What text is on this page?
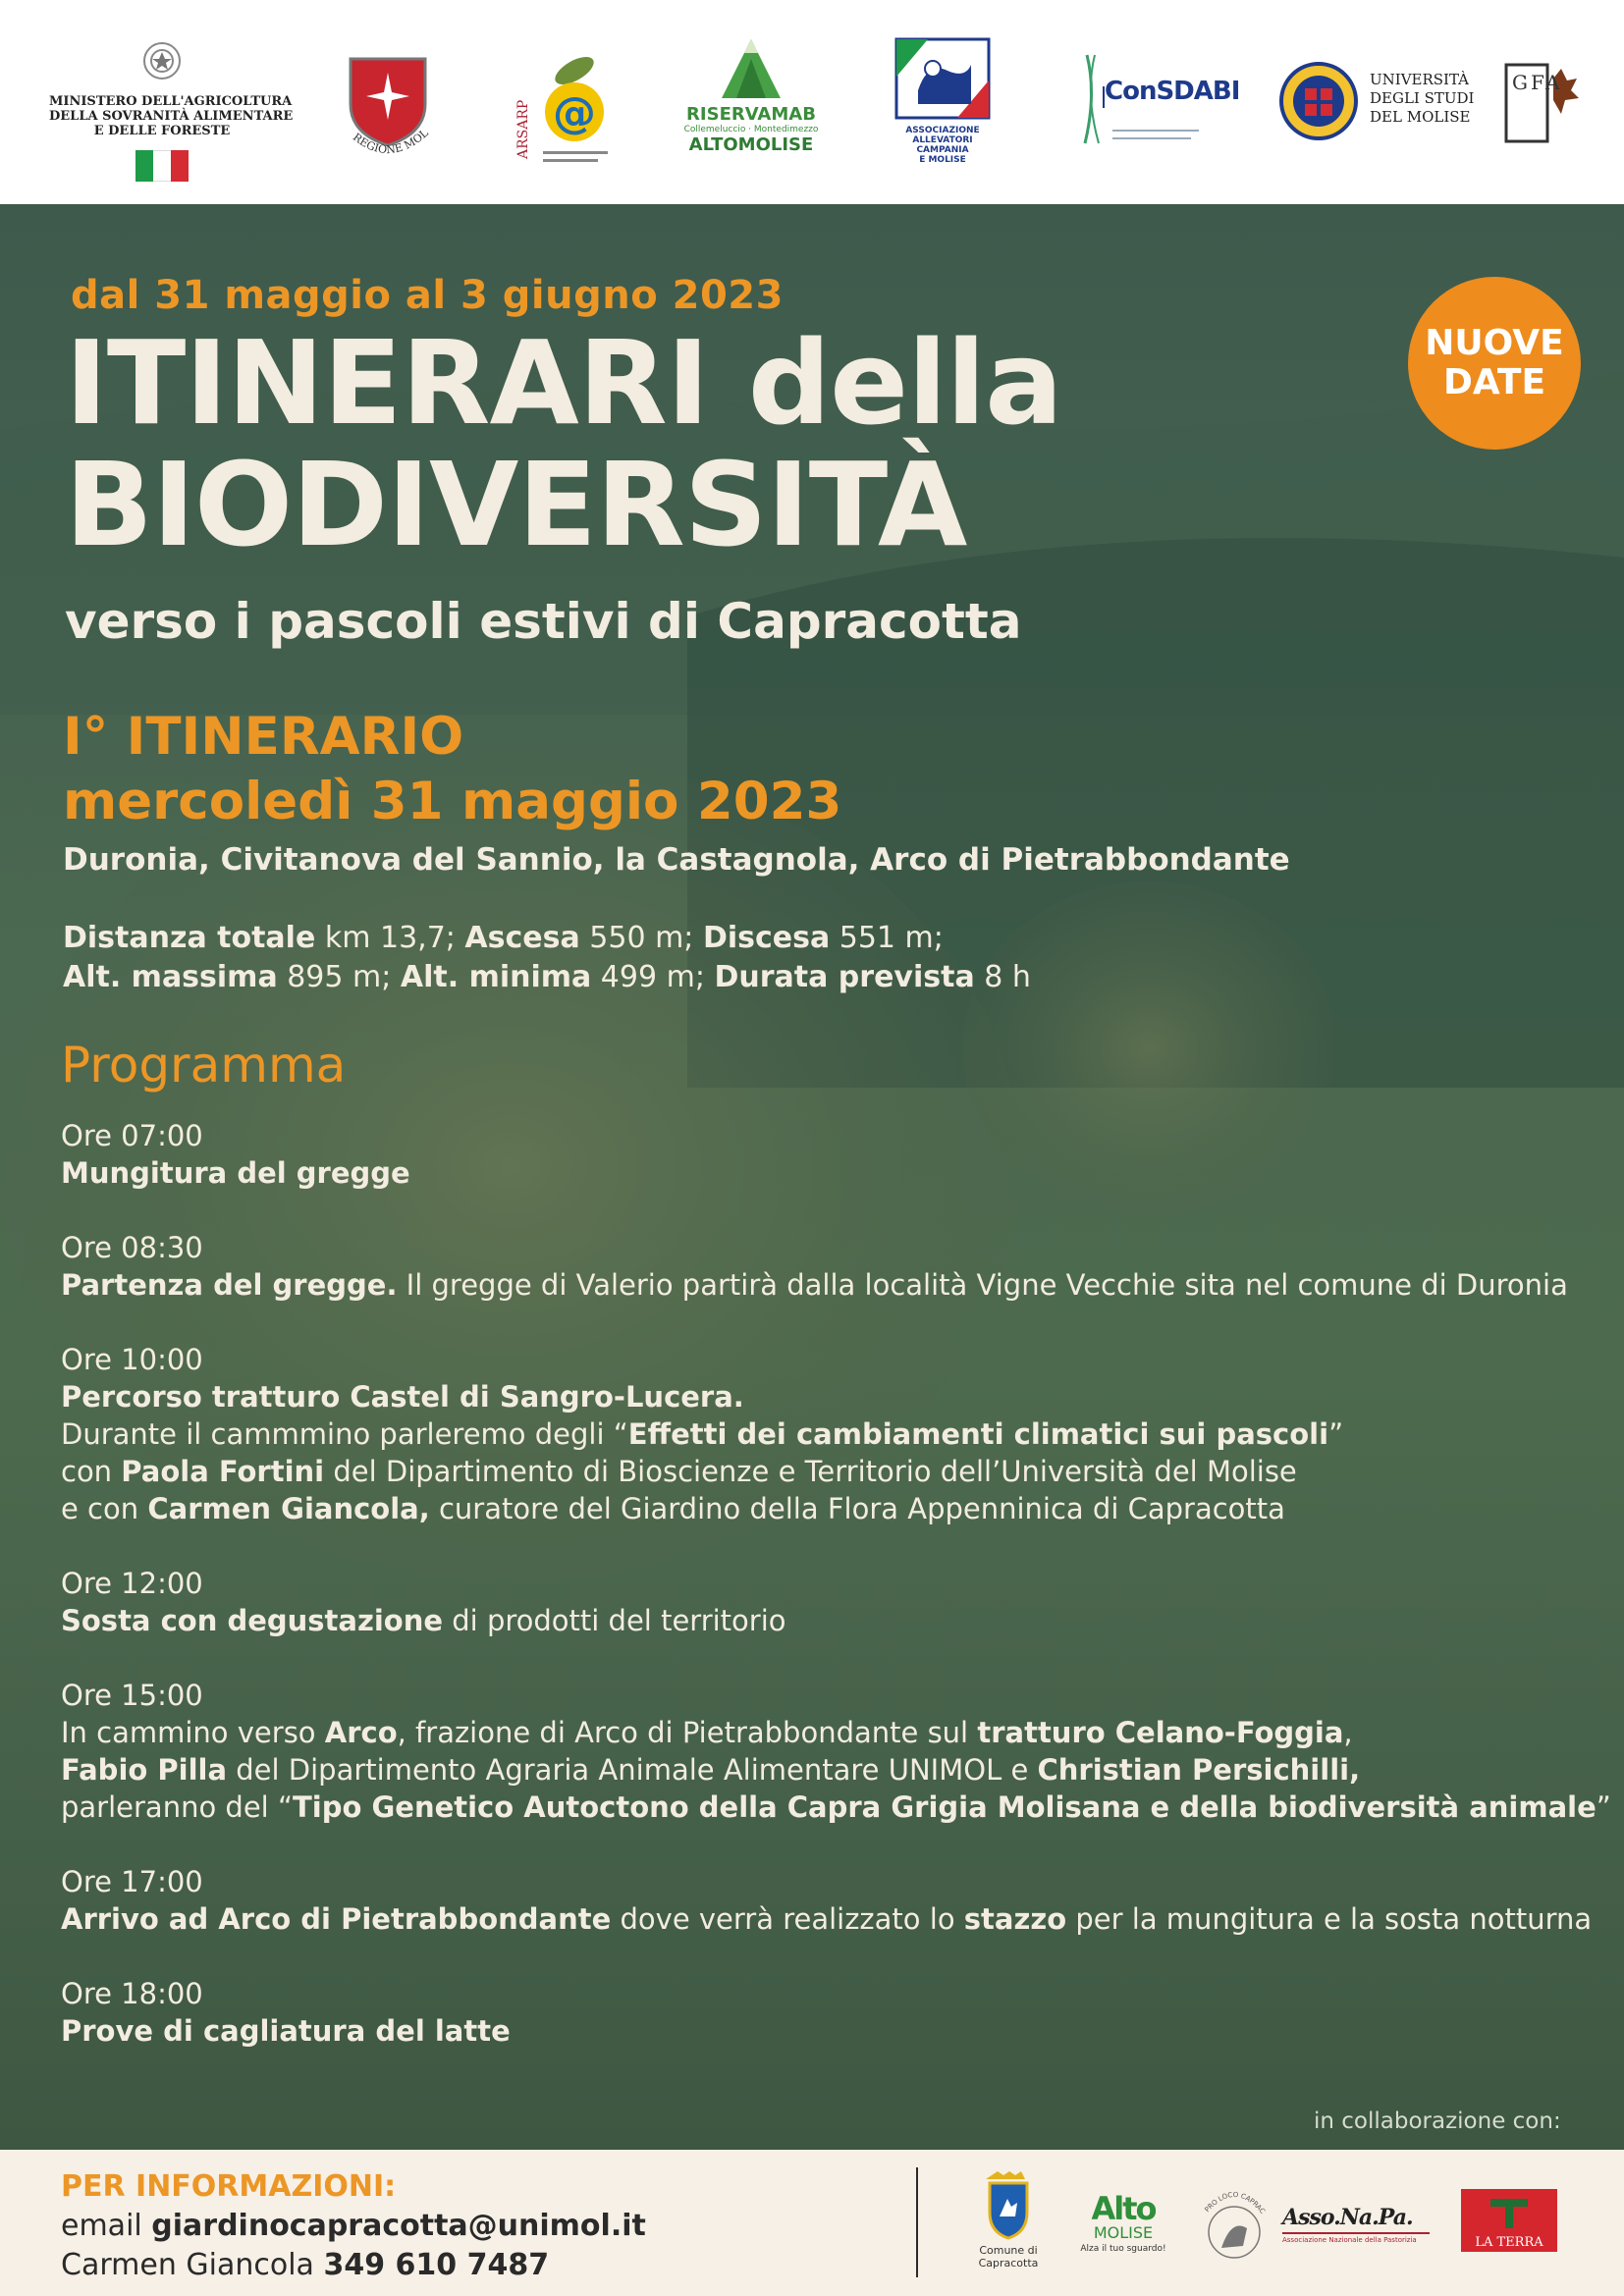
MINISTERO DELL'AGRICOLTURA
DELLA SOVRANITÀ ALIMENTARE
E DELLE FORESTE	REGIONE MOL	ARSARP @	RISERVAMAB
Collemeluccio · Montedimezzo
ALTOMOLISE
ASSOCIAZIONE
ALLEVATORI
CAMPANIA
E MOLISE
ConSDABI	UNIVERSITÀ
DEGLI STUDI
DEL MOLISE
GFA
dal 31 maggio al 3 giugno 2023
ITINERARI della
BIODIVERSITÀ
verso i pascoli estivi di Capracotta
NUOVE
DATE
I° ITINERARIO
mercoledì 31 maggio 2023
Duronia, Civitanova del Sannio, la Castagnola, Arco di Pietrabbondante
Distanza totale km 13,7; Ascesa 550 m; Discesa 551 m;
Alt. massima 895 m; Alt. minima 499 m; Durata prevista 8 h
Programma
Ore 07:00
Mungitura del gregge
Ore 08:30
Partenza del gregge. Il gregge di Valerio partirà dalla località Vigne Vecchie sita nel comune di Duronia
Ore 10:00
Percorso tratturo Castel di Sangro-Lucera.
Durante il cammmino parleremo degli “Effetti dei cambiamenti climatici sui pascoli”
con Paola Fortini del Dipartimento di Bioscienze e Territorio dell’Università del Molise
e con Carmen Giancola, curatore del Giardino della Flora Appenninica di Capracotta
Ore 12:00
Sosta con degustazione di prodotti del territorio
Ore 15:00
In cammino verso Arco, frazione di Arco di Pietrabbondante sul tratturo Celano-Foggia,
Fabio Pilla del Dipartimento Agraria Animale Alimentare UNIMOL e Christian Persichilli,
parleranno del “Tipo Genetico Autoctono della Capra Grigia Molisana e della biodiversità animale”
Ore 17:00
Arrivo ad Arco di Pietrabbondante dove verrà realizzato lo stazzo per la mungitura e la sosta notturna
Ore 18:00
Prove di cagliatura del latte
in collaborazione con:
PER INFORMAZIONI:
email giardinocapracotta@unimol.it
Carmen Giancola 349 610 7487	Comune di
Capracotta
Alto
MOLISE
Alza il tuo sguardo!
PRO LOCO CAPRAC Asso.Na.Pa.
Associazione Nazionale della Pastorizia	LA TERRA
